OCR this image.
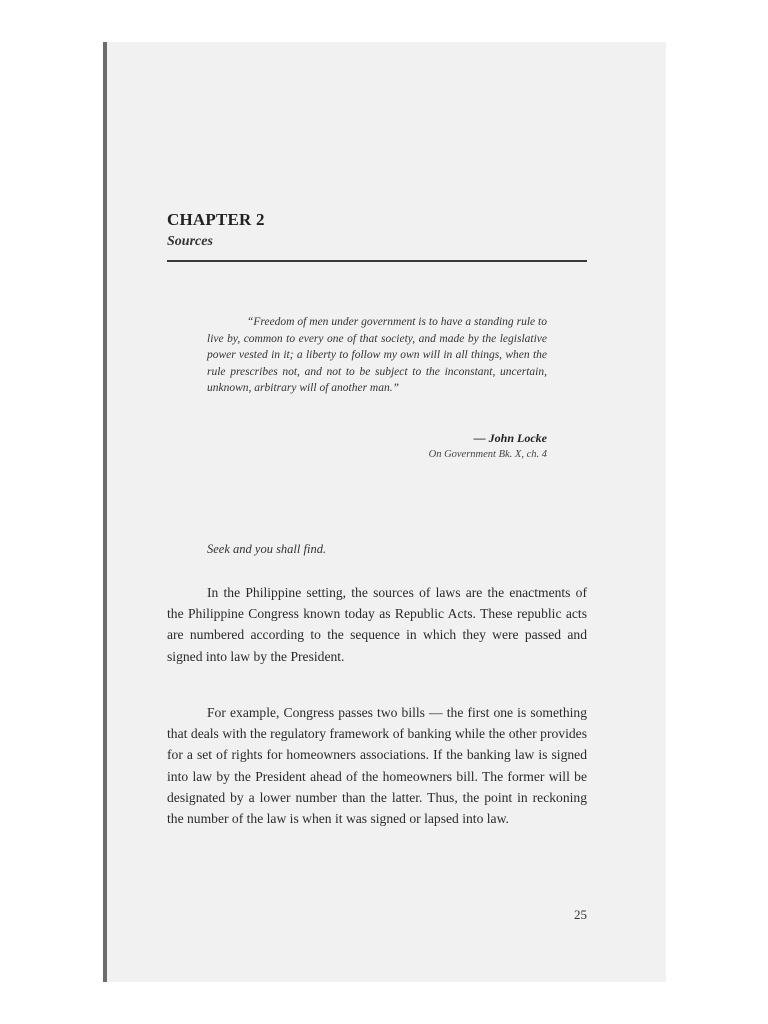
CHAPTER 2
Sources

“Freedom of men under government is to have a standing rule to live by, common to every one of that society, and made by the legislative power vested in it; a liberty to follow my own will in all things, when the rule prescribes not, and not to be subject to the inconstant, uncertain, unknown, arbitrary will of another man.”

— John Locke

On Government Bk. X, ch. 4

Seek and you shall find.

In the Philippine setting, the sources of laws are the enactments of the Philippine Congress known today as Republic Acts. These republic acts are numbered according to the sequence in which they were passed and signed into law by the President.

For example, Congress passes two bills — the first one is something that deals with the regulatory framework of banking while the other provides for a set of rights for homeowners associations. If the banking law is signed into law by the President ahead of the homeowners bill. The former will be designated by a lower number than the latter. Thus, the point in reckoning the number of the law is when it was signed or lapsed into law.

25
